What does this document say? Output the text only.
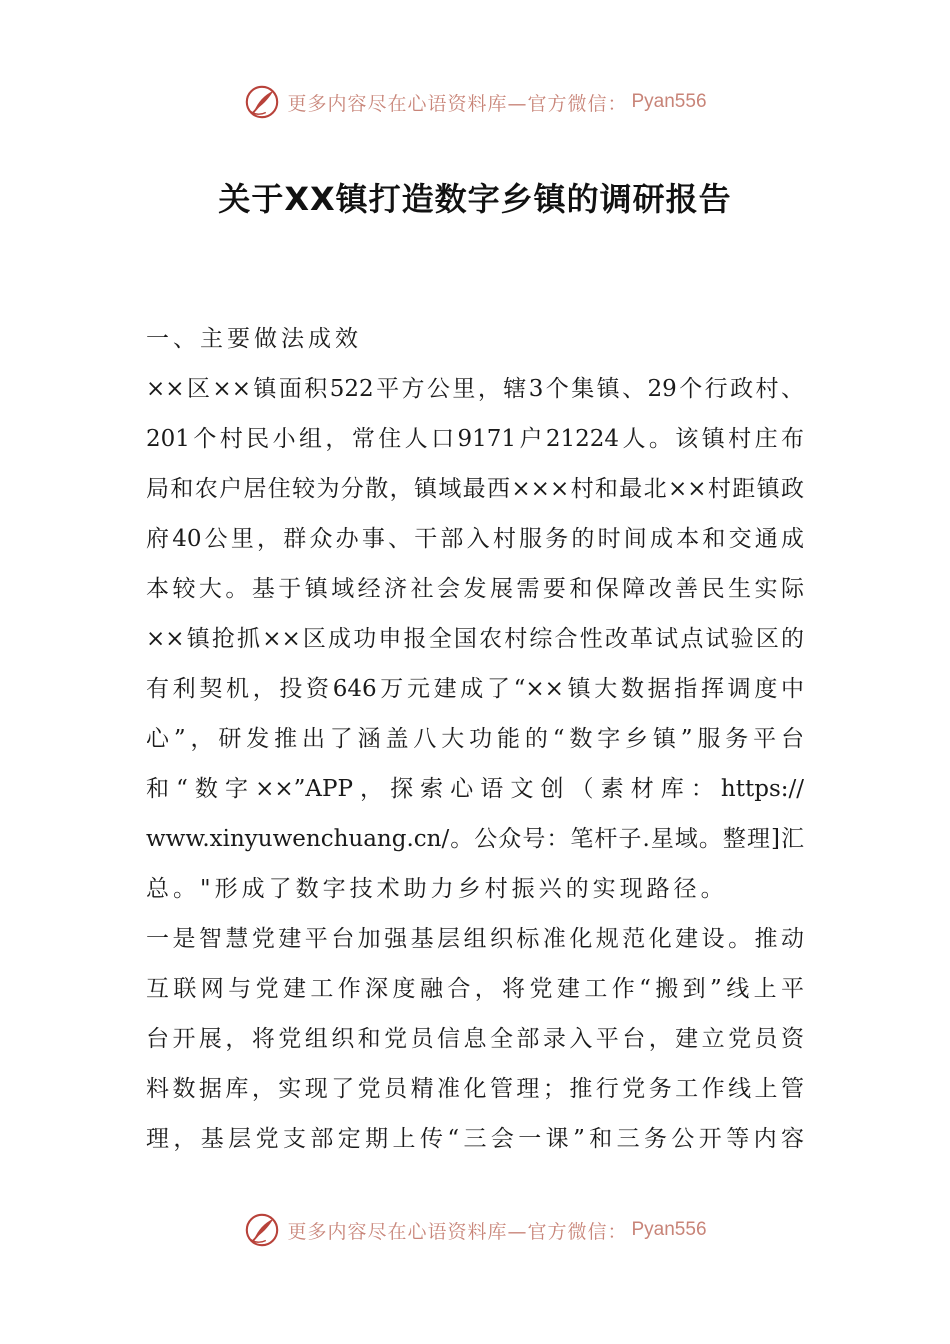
更多内容尽在心语资料库—官方微信： Pyan556
关于XX镇打造数字乡镇的调研报告
一、主要做法成效
××区××镇面积522平方公里，辖3个集镇、29个行政村、
201个村民小组，常住人口9171户21224人。该镇村庄布
局和农户居住较为分散，镇域最西×××村和最北××村距镇政
府40公里，群众办事、干部入村服务的时间成本和交通成
本较大。基于镇域经济社会发展需要和保障改善民生实际
××镇抢抓××区成功申报全国农村综合性改革试点试验区的
有利契机，投资646万元建成了“××镇大数据指挥调度中
心”，研发推出了涵盖八大功能的“数字乡镇”服务平台
和“数字××”APP，探索心语文创（素材库：https://
www.xinyuwenchuang.cn/。公众号：笔杆子.星域。整理]汇
总。"形成了数字技术助力乡村振兴的实现路径。
一是智慧党建平台加强基层组织标准化规范化建设。推动
互联网与党建工作深度融合，将党建工作“搬到”线上平
台开展，将党组织和党员信息全部录入平台，建立党员资
料数据库，实现了党员精准化管理；推行党务工作线上管
理，基层党支部定期上传“三会一课”和三务公开等内容
更多内容尽在心语资料库—官方微信： Pyan556
